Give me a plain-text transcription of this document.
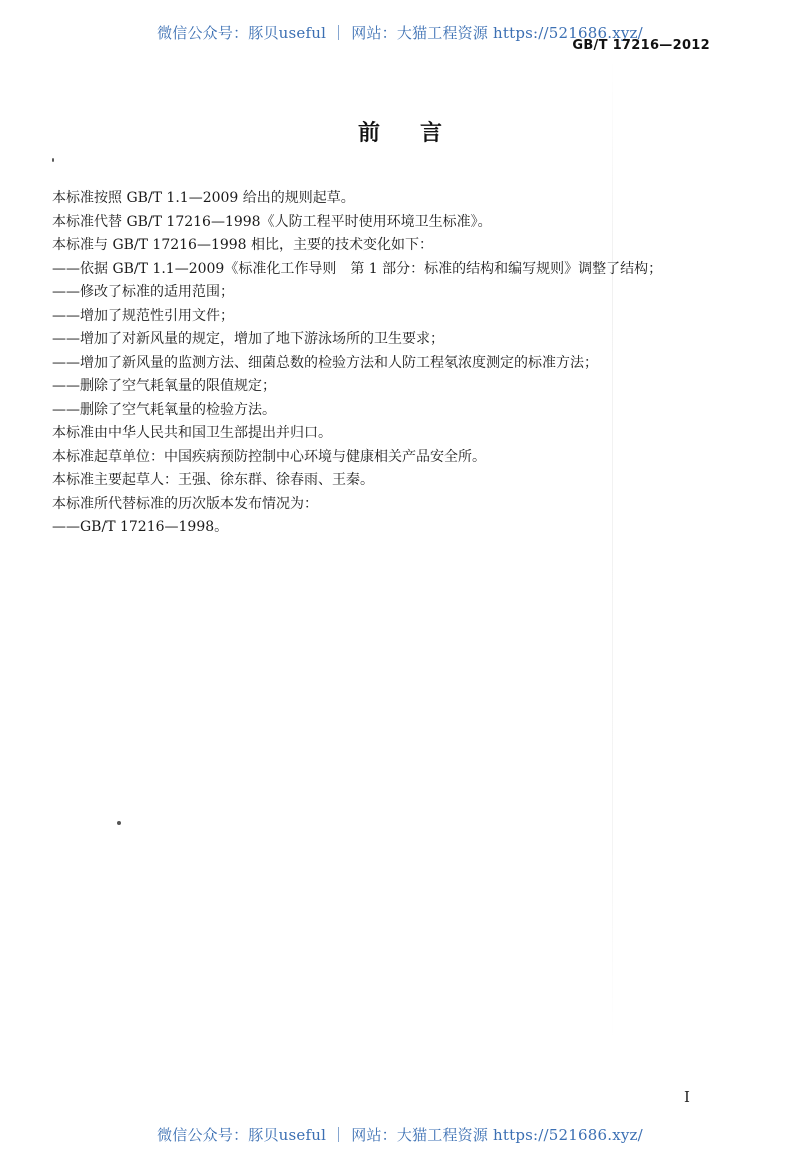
微信公众号：豚贝useful ｜ 网站：大猫工程资源 https://521686.xyz/
GB/T 17216—2012
前言
本标准按照 GB/T 1.1—2009 给出的规则起草。
本标准代替 GB/T 17216—1998《人防工程平时使用环境卫生标准》。
本标准与 GB/T 17216—1998 相比，主要的技术变化如下：
——依据 GB/T 1.1—2009《标准化工作导则　第 1 部分：标准的结构和编写规则》调整了结构；
——修改了标准的适用范围；
——增加了规范性引用文件；
——增加了对新风量的规定，增加了地下游泳场所的卫生要求；
——增加了新风量的监测方法、细菌总数的检验方法和人防工程氡浓度测定的标准方法；
——删除了空气耗氧量的限值规定；
——删除了空气耗氧量的检验方法。
本标准由中华人民共和国卫生部提出并归口。
本标准起草单位：中国疾病预防控制中心环境与健康相关产品安全所。
本标准主要起草人：王强、徐东群、徐春雨、王秦。
本标准所代替标准的历次版本发布情况为：
——GB/T 17216—1998。
I
微信公众号：豚贝useful ｜ 网站：大猫工程资源 https://521686.xyz/
